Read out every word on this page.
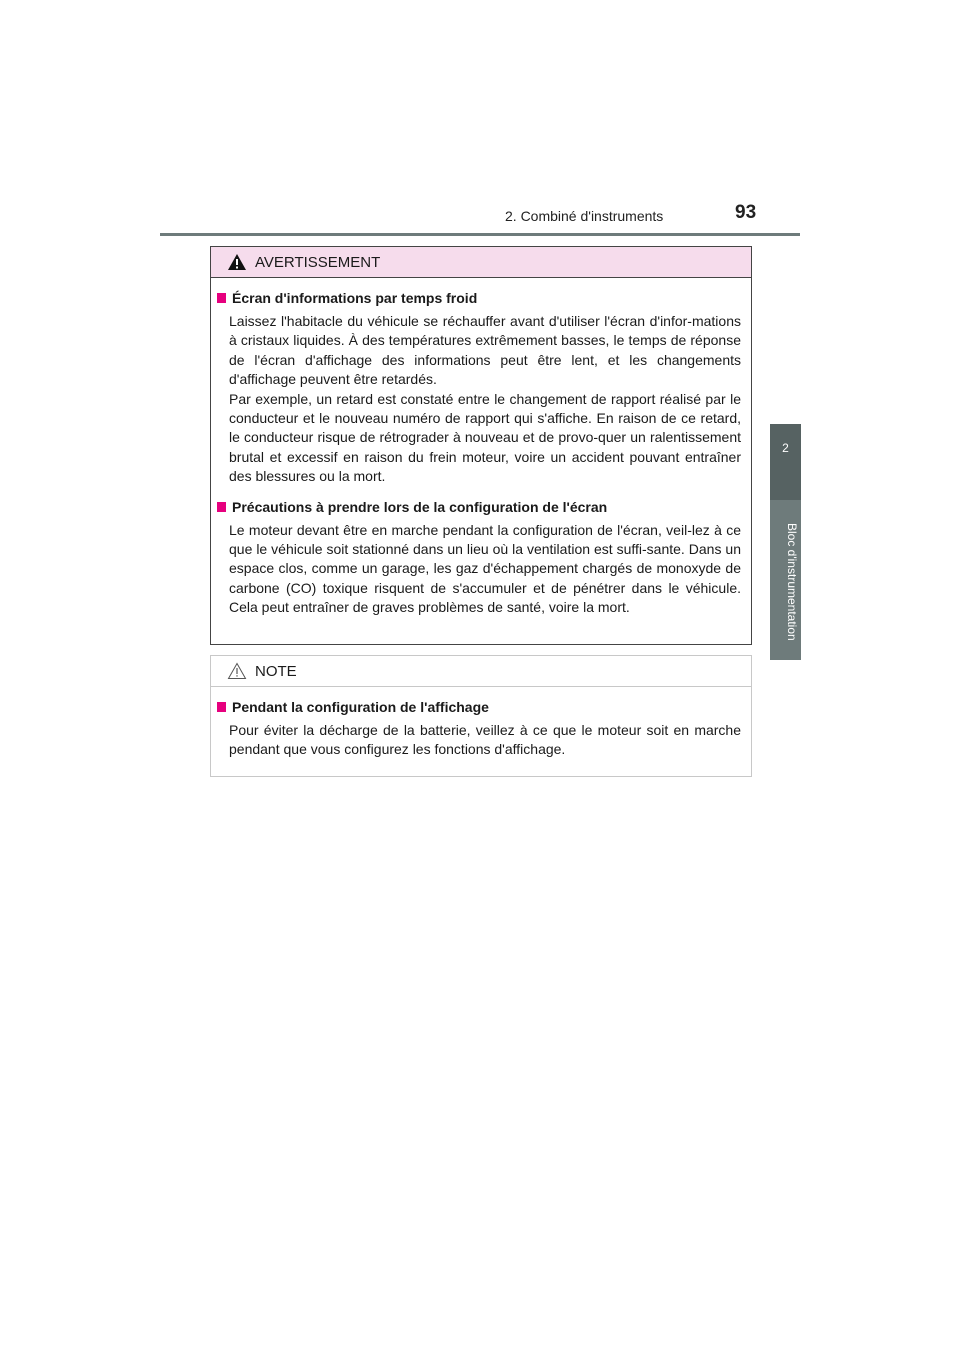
2. Combiné d'instruments	93
2
Bloc d'instrumentation
AVERTISSEMENT
Écran d'informations par temps froid

Laissez l'habitacle du véhicule se réchauffer avant d'utiliser l'écran d'infor-mations à cristaux liquides. À des températures extrêmement basses, le temps de réponse de l'écran d'affichage des informations peut être lent, et les changements d'affichage peuvent être retardés.

Par exemple, un retard est constaté entre le changement de rapport réalisé par le conducteur et le nouveau numéro de rapport qui s'affiche. En raison de ce retard, le conducteur risque de rétrograder à nouveau et de provo-quer un ralentissement brutal et excessif en raison du frein moteur, voire un accident pouvant entraîner des blessures ou la mort.

Précautions à prendre lors de la configuration de l'écran

Le moteur devant être en marche pendant la configuration de l'écran, veil-lez à ce que le véhicule soit stationné dans un lieu où la ventilation est suffi-sante. Dans un espace clos, comme un garage, les gaz d'échappement chargés de monoxyde de carbone (CO) toxique risquent de s'accumuler et de pénétrer dans le véhicule. Cela peut entraîner de graves problèmes de santé, voire la mort.

NOTE
Pendant la configuration de l'affichage

Pour éviter la décharge de la batterie, veillez à ce que le moteur soit en marche pendant que vous configurez les fonctions d'affichage.
